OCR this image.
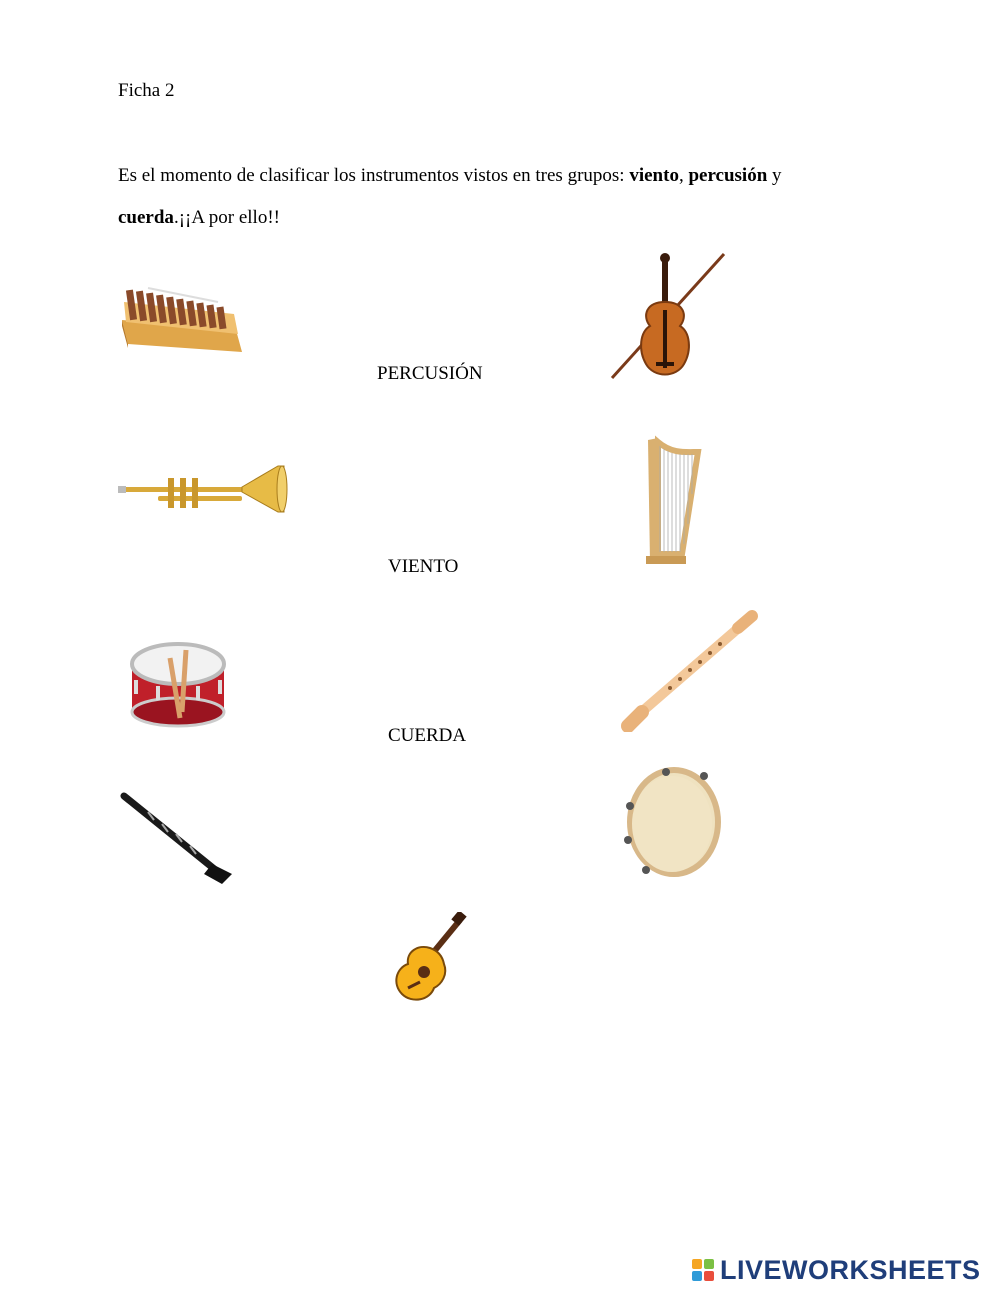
Ficha 2
Es el momento de clasificar los instrumentos vistos en tres grupos: viento, percusión y
cuerda.¡¡A por ello!!
PERCUSIÓN
VIENTO
CUERDA
LIVEWORKSHEETS
